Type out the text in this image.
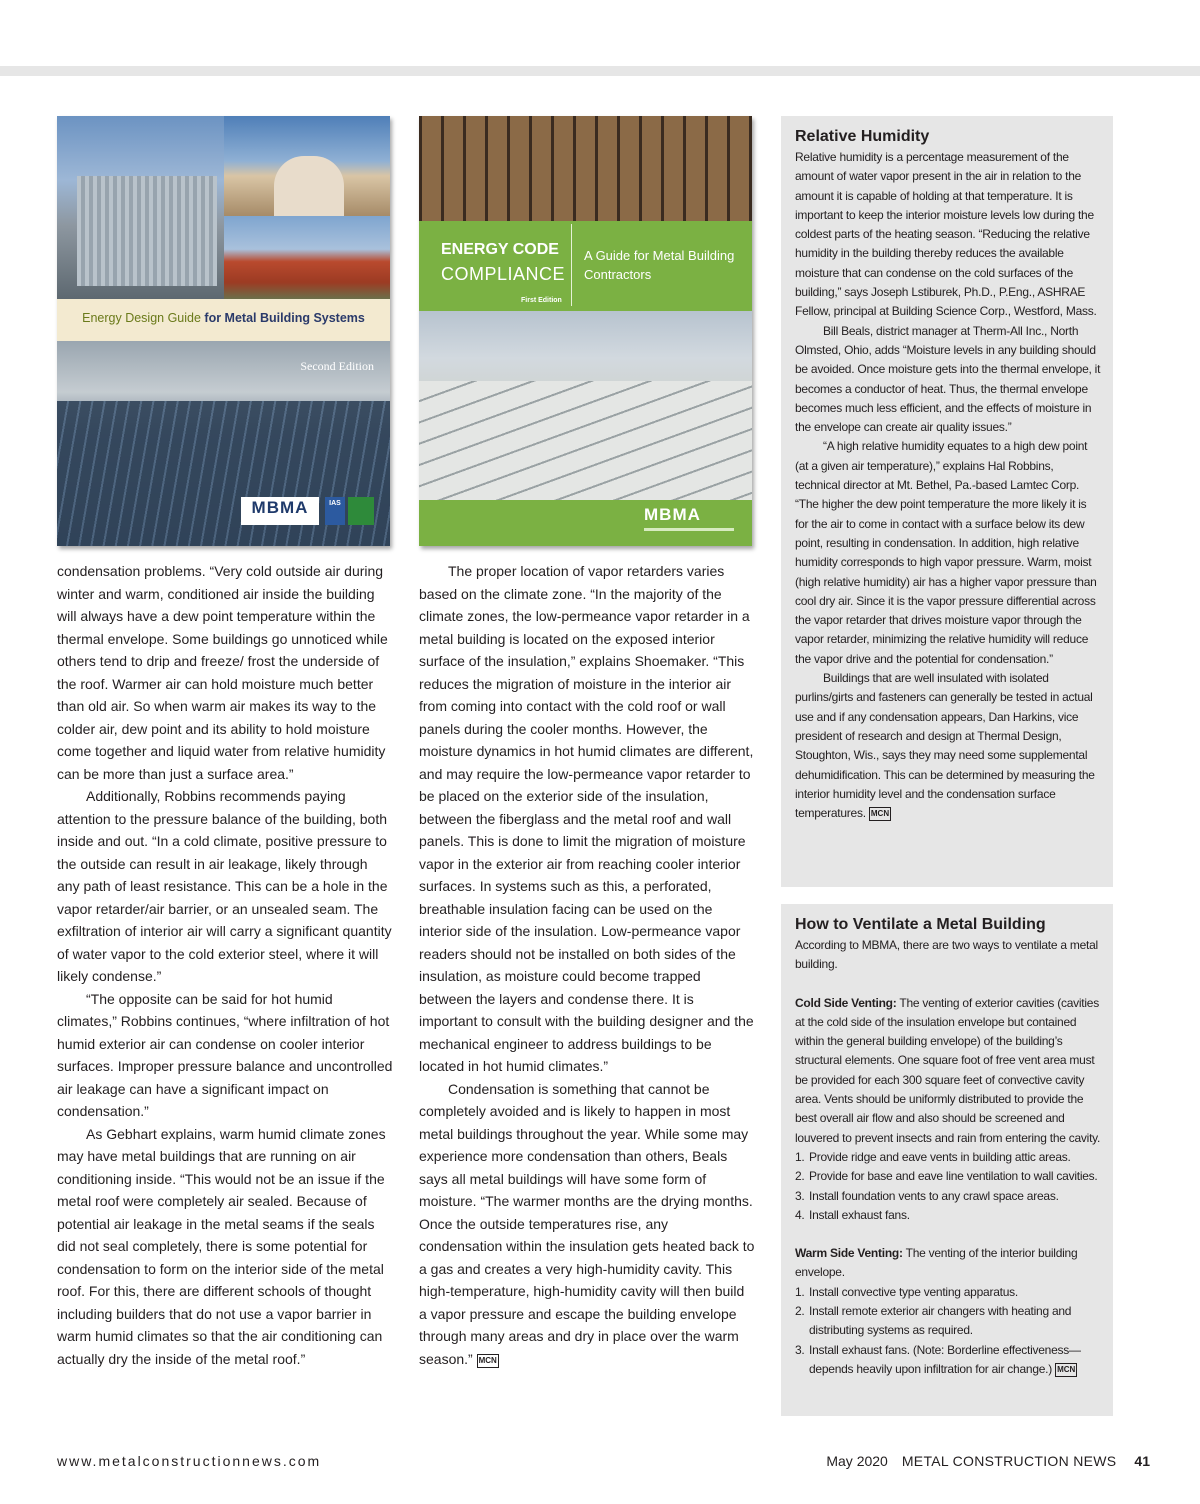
Energy Design Guide for Metal Building Systems
Second Edition
MBMA	IAS
ENERGY CODE
COMPLIANCE
First Edition
A Guide for Metal Building Contractors
MBMA

condensation problems. “Very cold outside air during winter and warm, conditioned air inside the building will always have a dew point temperature within the thermal envelope. Some buildings go unnoticed while others tend to drip and freeze/ frost the underside of the roof. Warmer air can hold moisture much better than old air. So when warm air makes its way to the colder air, dew point and its ability to hold moisture come together and liquid water from relative humidity can be more than just a surface area.”

Additionally, Robbins recommends paying attention to the pressure balance of the building, both inside and out. “In a cold climate, positive pressure to the outside can result in air leakage, likely through any path of least resistance. This can be a hole in the vapor retarder/air barrier, or an unsealed seam. The exfiltration of interior air will carry a significant quantity of water vapor to the cold exterior steel, where it will likely condense.”

“The opposite can be said for hot humid climates,” Robbins continues, “where infiltration of hot humid exterior air can condense on cooler interior surfaces. Improper pressure balance and uncontrolled air leakage can have a significant impact on condensation.”

As Gebhart explains, warm humid climate zones may have metal buildings that are running on air conditioning inside. “This would not be an issue if the metal roof were completely air sealed. Because of potential air leakage in the metal seams if the seals did not seal completely, there is some potential for condensation to form on the interior side of the metal roof. For this, there are different schools of thought including builders that do not use a vapor barrier in warm humid climates so that the air conditioning can actually dry the inside of the metal roof.”

The proper location of vapor retarders varies based on the climate zone. “In the majority of the climate zones, the low-permeance vapor retarder in a metal building is located on the exposed interior surface of the insulation,” explains Shoemaker. “This reduces the migration of moisture in the interior air from coming into contact with the cold roof or wall panels during the cooler months. However, the moisture dynamics in hot humid climates are different, and may require the low-permeance vapor retarder to be placed on the exterior side of the insulation, between the fiberglass and the metal roof and wall panels. This is done to limit the migration of moisture vapor in the exterior air from reaching cooler interior surfaces. In systems such as this, a perforated, breathable insulation facing can be used on the interior side of the insulation. Low-permeance vapor readers should not be installed on both sides of the insulation, as moisture could become trapped between the layers and condense there. It is important to consult with the building designer and the mechanical engineer to address buildings to be located in hot humid climates.”

Condensation is something that cannot be completely avoided and is likely to happen in most metal buildings throughout the year. While some may experience more condensation than others, Beals says all metal buildings will have some form of moisture. “The warmer months are the drying months. Once the outside temperatures rise, any condensation within the insulation gets heated back to a gas and creates a very high-humidity cavity. This high-temperature, high-humidity cavity will then build a vapor pressure and escape the building envelope through many areas and dry in place over the warm season.” MCN

Relative Humidity

Relative humidity is a percentage measurement of the amount of water vapor present in the air in relation to the amount it is capable of holding at that temperature. It is important to keep the interior moisture levels low during the coldest parts of the heating season. “Reducing the relative humidity in the building thereby reduces the available moisture that can condense on the cold surfaces of the building,” says Joseph Lstiburek, Ph.D., P.Eng., ASHRAE Fellow, principal at Building Science Corp., Westford, Mass.

Bill Beals, district manager at Therm-All Inc., North Olmsted, Ohio, adds “Moisture levels in any building should be avoided. Once moisture gets into the thermal envelope, it becomes a conductor of heat. Thus, the thermal envelope becomes much less efficient, and the effects of moisture in the envelope can create air quality issues.”

“A high relative humidity equates to a high dew point (at a given air temperature),” explains Hal Robbins, technical director at Mt. Bethel, Pa.-based Lamtec Corp. “The higher the dew point temperature the more likely it is for the air to come in contact with a surface below its dew point, resulting in condensation. In addition, high relative humidity corresponds to high vapor pressure. Warm, moist (high relative humidity) air has a higher vapor pressure than cool dry air. Since it is the vapor pressure differential across the vapor retarder that drives moisture vapor through the vapor retarder, minimizing the relative humidity will reduce the vapor drive and the potential for condensation.”

Buildings that are well insulated with isolated purlins/girts and fasteners can generally be tested in actual use and if any condensation appears, Dan Harkins, vice president of research and design at Thermal Design, Stoughton, Wis., says they may need some supplemental dehumidification. This can be determined by measuring the interior humidity level and the condensation surface temperatures. MCN

How to Ventilate a Metal Building

According to MBMA, there are two ways to ventilate a metal building.

Cold Side Venting: The venting of exterior cavities (cavities at the cold side of the insulation envelope but contained within the general building envelope) of the building’s structural elements. One square foot of free vent area must be provided for each 300 square feet of convective cavity area. Vents should be uniformly distributed to provide the best overall air flow and also should be screened and louvered to prevent insects and rain from entering the cavity.

1. Provide ridge and eave vents in building attic areas.
2. Provide for base and eave line ventilation to wall cavities.
3. Install foundation vents to any crawl space areas.
4. Install exhaust fans.

Warm Side Venting: The venting of the interior building envelope.

1. Install convective type venting apparatus.
2. Install remote exterior air changers with heating and distributing systems as required.
3. Install exhaust fans. (Note: Borderline effectiveness—depends heavily upon infiltration for air change.) MCN
www.metalconstructionnews.com	May 2020 METAL CONSTRUCTION NEWS 41
